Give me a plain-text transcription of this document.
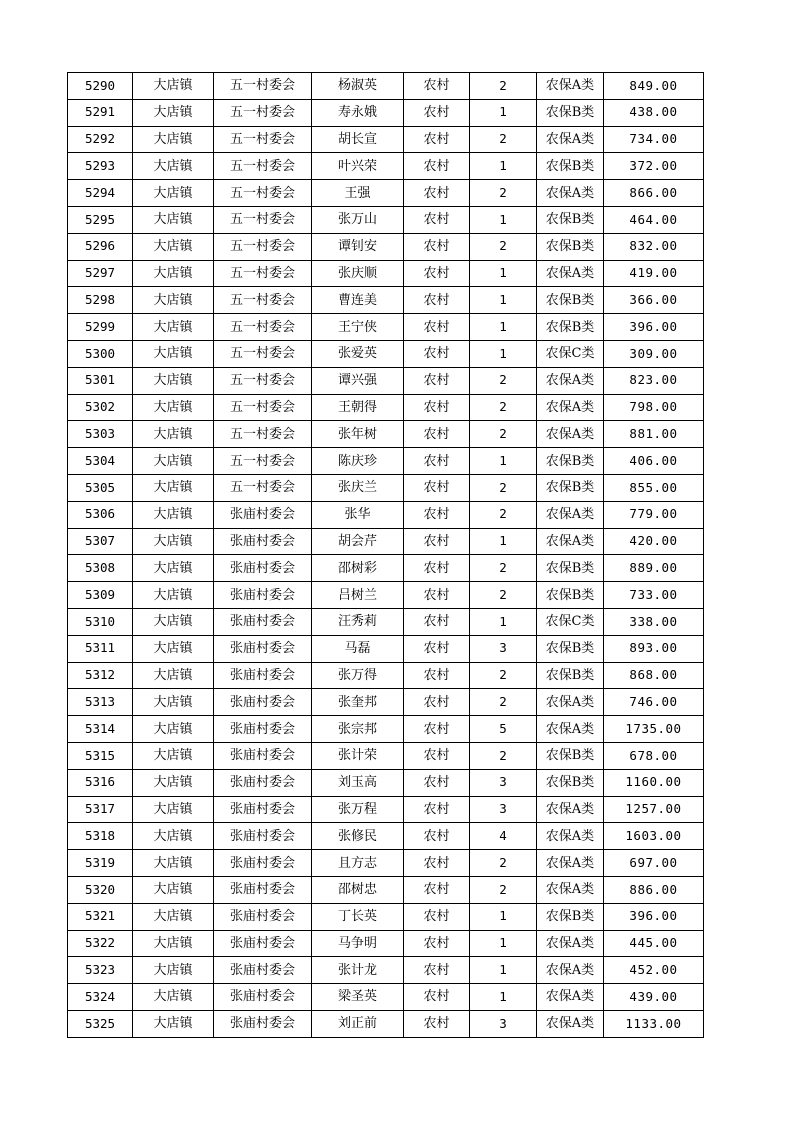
5290	大店镇	五一村委会	杨淑英	农村	2	农保A类	849.00
5291	大店镇	五一村委会	寿永娥	农村	1	农保B类	438.00
5292	大店镇	五一村委会	胡长宣	农村	2	农保A类	734.00
5293	大店镇	五一村委会	叶兴荣	农村	1	农保B类	372.00
5294	大店镇	五一村委会	王强	农村	2	农保A类	866.00
5295	大店镇	五一村委会	张万山	农村	1	农保B类	464.00
5296	大店镇	五一村委会	谭钊安	农村	2	农保B类	832.00
5297	大店镇	五一村委会	张庆顺	农村	1	农保A类	419.00
5298	大店镇	五一村委会	曹连美	农村	1	农保B类	366.00
5299	大店镇	五一村委会	王宁侠	农村	1	农保B类	396.00
5300	大店镇	五一村委会	张爱英	农村	1	农保C类	309.00
5301	大店镇	五一村委会	谭兴强	农村	2	农保A类	823.00
5302	大店镇	五一村委会	王朝得	农村	2	农保A类	798.00
5303	大店镇	五一村委会	张年树	农村	2	农保A类	881.00
5304	大店镇	五一村委会	陈庆珍	农村	1	农保B类	406.00
5305	大店镇	五一村委会	张庆兰	农村	2	农保B类	855.00
5306	大店镇	张庙村委会	张华	农村	2	农保A类	779.00
5307	大店镇	张庙村委会	胡会芹	农村	1	农保A类	420.00
5308	大店镇	张庙村委会	邵树彩	农村	2	农保B类	889.00
5309	大店镇	张庙村委会	吕树兰	农村	2	农保B类	733.00
5310	大店镇	张庙村委会	汪秀莉	农村	1	农保C类	338.00
5311	大店镇	张庙村委会	马磊	农村	3	农保B类	893.00
5312	大店镇	张庙村委会	张万得	农村	2	农保B类	868.00
5313	大店镇	张庙村委会	张奎邦	农村	2	农保A类	746.00
5314	大店镇	张庙村委会	张宗邦	农村	5	农保A类	1735.00
5315	大店镇	张庙村委会	张计荣	农村	2	农保B类	678.00
5316	大店镇	张庙村委会	刘玉高	农村	3	农保B类	1160.00
5317	大店镇	张庙村委会	张万程	农村	3	农保A类	1257.00
5318	大店镇	张庙村委会	张修民	农村	4	农保A类	1603.00
5319	大店镇	张庙村委会	且方志	农村	2	农保A类	697.00
5320	大店镇	张庙村委会	邵树忠	农村	2	农保A类	886.00
5321	大店镇	张庙村委会	丁长英	农村	1	农保B类	396.00
5322	大店镇	张庙村委会	马争明	农村	1	农保A类	445.00
5323	大店镇	张庙村委会	张计龙	农村	1	农保A类	452.00
5324	大店镇	张庙村委会	梁圣英	农村	1	农保A类	439.00
5325	大店镇	张庙村委会	刘正前	农村	3	农保A类	1133.00
